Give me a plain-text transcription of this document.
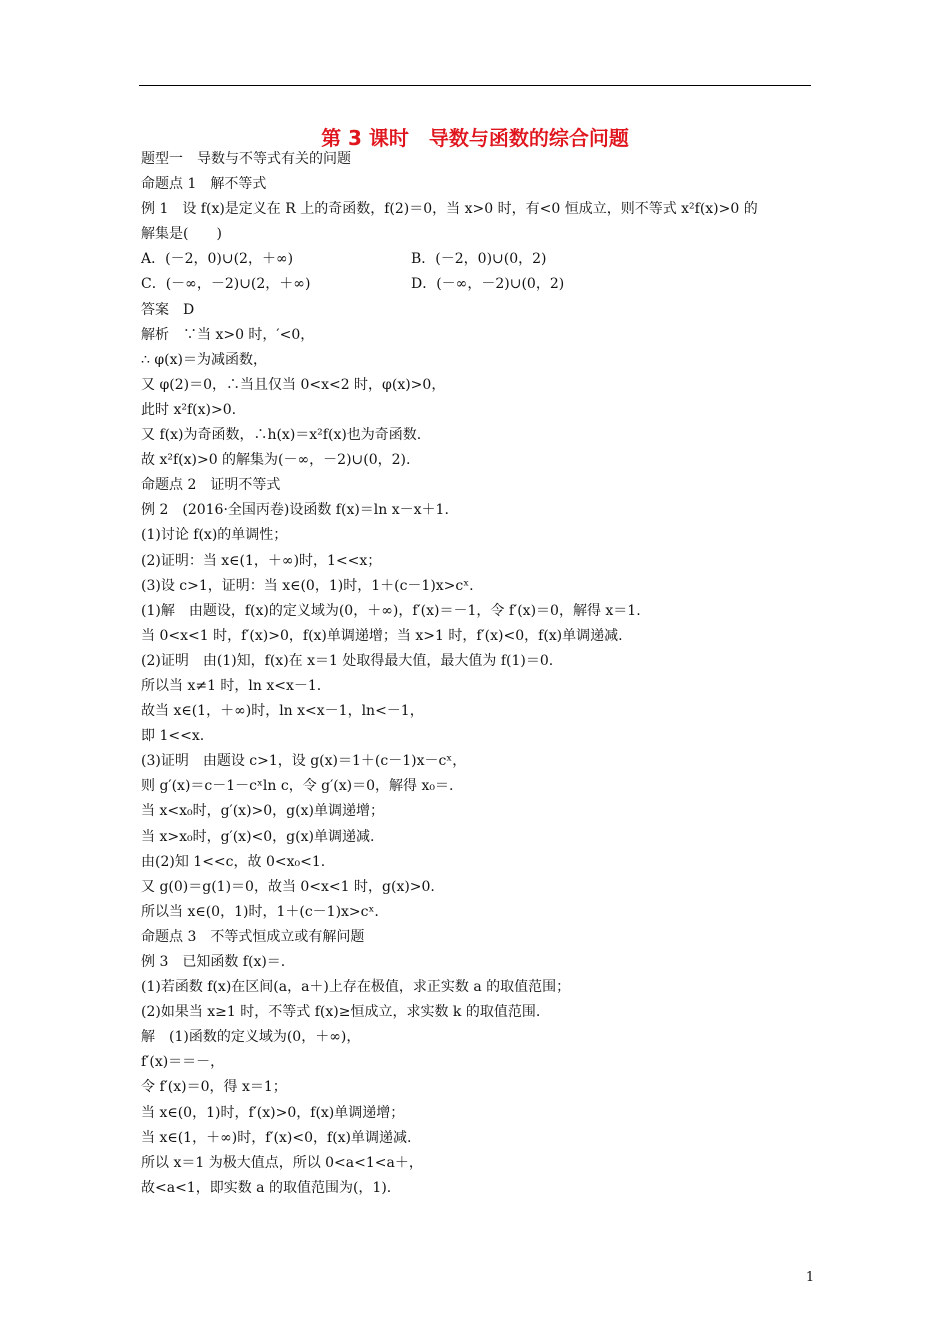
第 3 课时　导数与函数的综合问题
题型一　导数与不等式有关的问题
命题点 1　解不等式
例 1　设 f(x)是定义在 R 上的奇函数，f(2)＝0，当 x>0 时，有<0 恒成立，则不等式 x²f(x)>0 的
解集是(　　)
A．(－2，0)∪(2，＋∞)	B．(－2，0)∪(0，2)
C．(－∞，－2)∪(2，＋∞)	D．(－∞，－2)∪(0，2)
答案　D
解析　∵当 x>0 时，′<0，
∴ φ(x)＝为减函数，
又 φ(2)＝0，∴当且仅当 0<x<2 时，φ(x)>0，
此时 x²f(x)>0.
又 f(x)为奇函数，∴h(x)＝x²f(x)也为奇函数.
故 x²f(x)>0 的解集为(－∞，－2)∪(0，2).
命题点 2　证明不等式
例 2　(2016·全国丙卷)设函数 f(x)＝ln x－x＋1.
(1)讨论 f(x)的单调性；
(2)证明：当 x∈(1，＋∞)时，1<<x；
(3)设 c>1，证明：当 x∈(0，1)时，1＋(c－1)x>cˣ.
(1)解　由题设，f(x)的定义域为(0，＋∞)，f′(x)＝－1，令 f′(x)＝0，解得 x＝1.
当 0<x<1 时，f′(x)>0，f(x)单调递增；当 x>1 时，f′(x)<0，f(x)单调递减.
(2)证明　由(1)知，f(x)在 x＝1 处取得最大值，最大值为 f(1)＝0.
所以当 x≠1 时，ln x<x－1.
故当 x∈(1，＋∞)时，ln x<x－1，ln<－1，
即 1<<x.
(3)证明　由题设 c>1，设 g(x)＝1＋(c－1)x－cˣ，
则 g′(x)＝c－1－cˣln c，令 g′(x)＝0，解得 x₀＝.
当 x<x₀时，g′(x)>0，g(x)单调递增；
当 x>x₀时，g′(x)<0，g(x)单调递减.
由(2)知 1<<c，故 0<x₀<1.
又 g(0)＝g(1)＝0，故当 0<x<1 时，g(x)>0.
所以当 x∈(0，1)时，1＋(c－1)x>cˣ.
命题点 3　不等式恒成立或有解问题
例 3　已知函数 f(x)＝.
(1)若函数 f(x)在区间(a，a＋)上存在极值，求正实数 a 的取值范围；
(2)如果当 x≥1 时，不等式 f(x)≥恒成立，求实数 k 的取值范围.
解　(1)函数的定义域为(0，＋∞)，
f′(x)＝＝－，
令 f′(x)＝0，得 x＝1；
当 x∈(0，1)时，f′(x)>0，f(x)单调递增；
当 x∈(1，＋∞)时，f′(x)<0，f(x)单调递减.
所以 x＝1 为极大值点，所以 0<a<1<a＋，
故<a<1，即实数 a 的取值范围为(，1).
1
